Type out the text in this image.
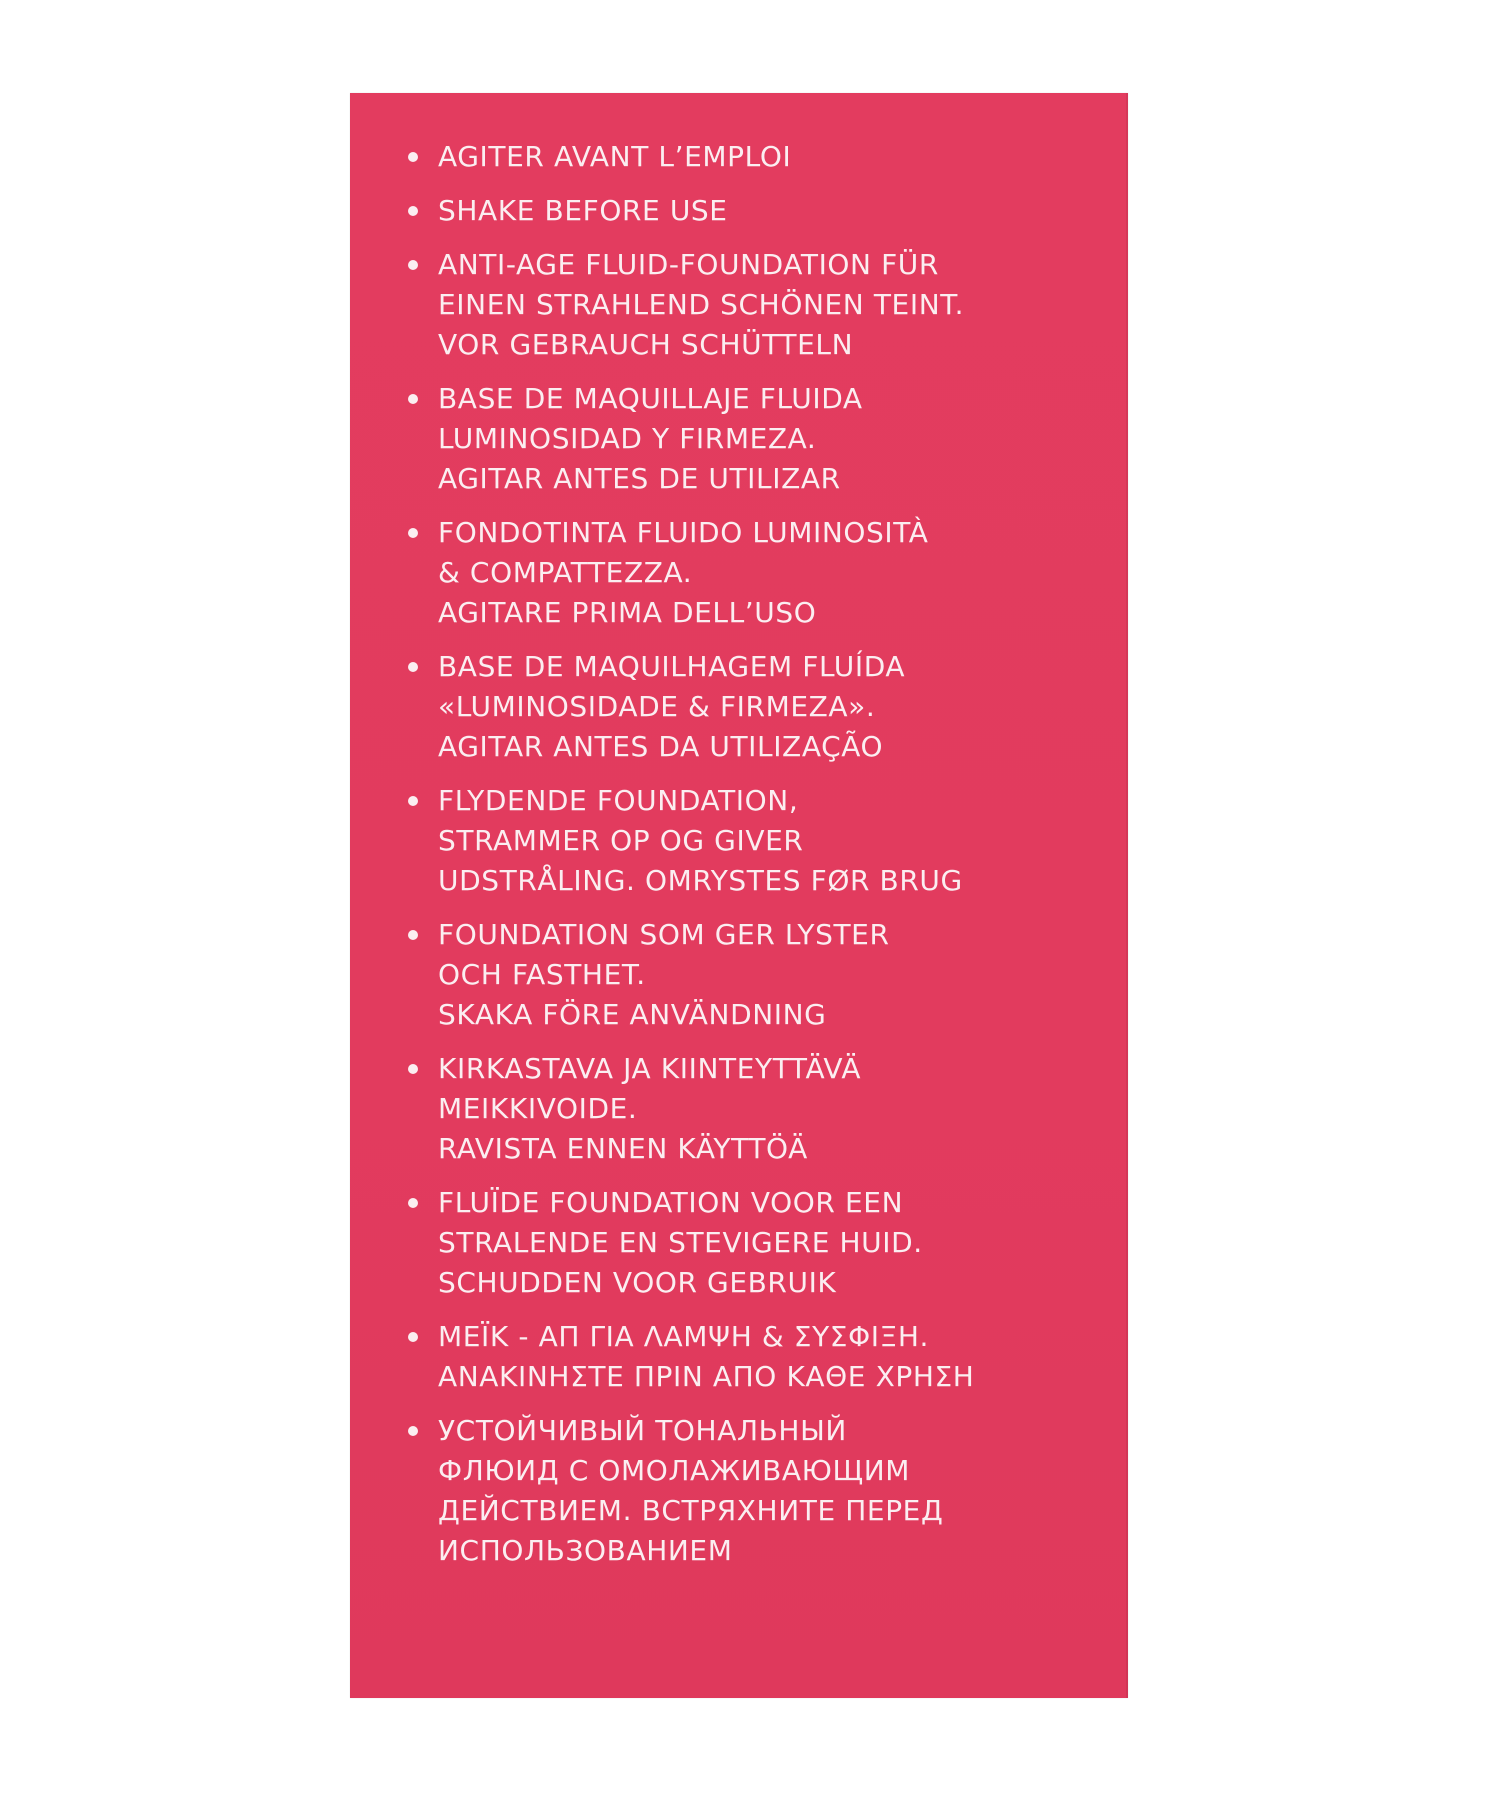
AGITER AVANT L’EMPLOI
SHAKE BEFORE USE
ANTI-AGE FLUID-FOUNDATION FÜR
EINEN STRAHLEND SCHÖNEN TEINT.
VOR GEBRAUCH SCHÜTTELN
BASE DE MAQUILLAJE FLUIDA
LUMINOSIDAD Y FIRMEZA.
AGITAR ANTES DE UTILIZAR
FONDOTINTA FLUIDO LUMINOSITÀ
& COMPATTEZZA.
AGITARE PRIMA DELL’USO
BASE DE MAQUILHAGEM FLUÍDA
«LUMINOSIDADE & FIRMEZA».
AGITAR ANTES DA UTILIZAÇÃO
FLYDENDE FOUNDATION,
STRAMMER OP OG GIVER
UDSTRÅLING. OMRYSTES FØR BRUG
FOUNDATION SOM GER LYSTER
OCH FASTHET.
SKAKA FÖRE ANVÄNDNING
KIRKASTAVA JA KIINTEYTTÄVÄ
MEIKKIVOIDE.
RAVISTA ENNEN KÄYTTÖÄ
FLUÏDE FOUNDATION VOOR EEN
STRALENDE EN STEVIGERE HUID.
SCHUDDEN VOOR GEBRUIK
ΜΕΪΚ - ΑΠ ΓΙΑ ΛΑΜΨΗ & ΣΥΣΦΙΞΗ.
ΑΝΑΚΙΝΗΣΤΕ ΠΡΙΝ ΑΠΟ ΚΑΘΕ ΧΡΗΣΗ
УСТОЙЧИВЫЙ ТОНАЛЬНЫЙ
ФЛЮИД С ОМОЛАЖИВАЮЩИМ
ДЕЙСТВИЕМ. ВСТРЯХНИТЕ ПЕРЕД
ИСПОЛЬЗОВАНИЕМ
